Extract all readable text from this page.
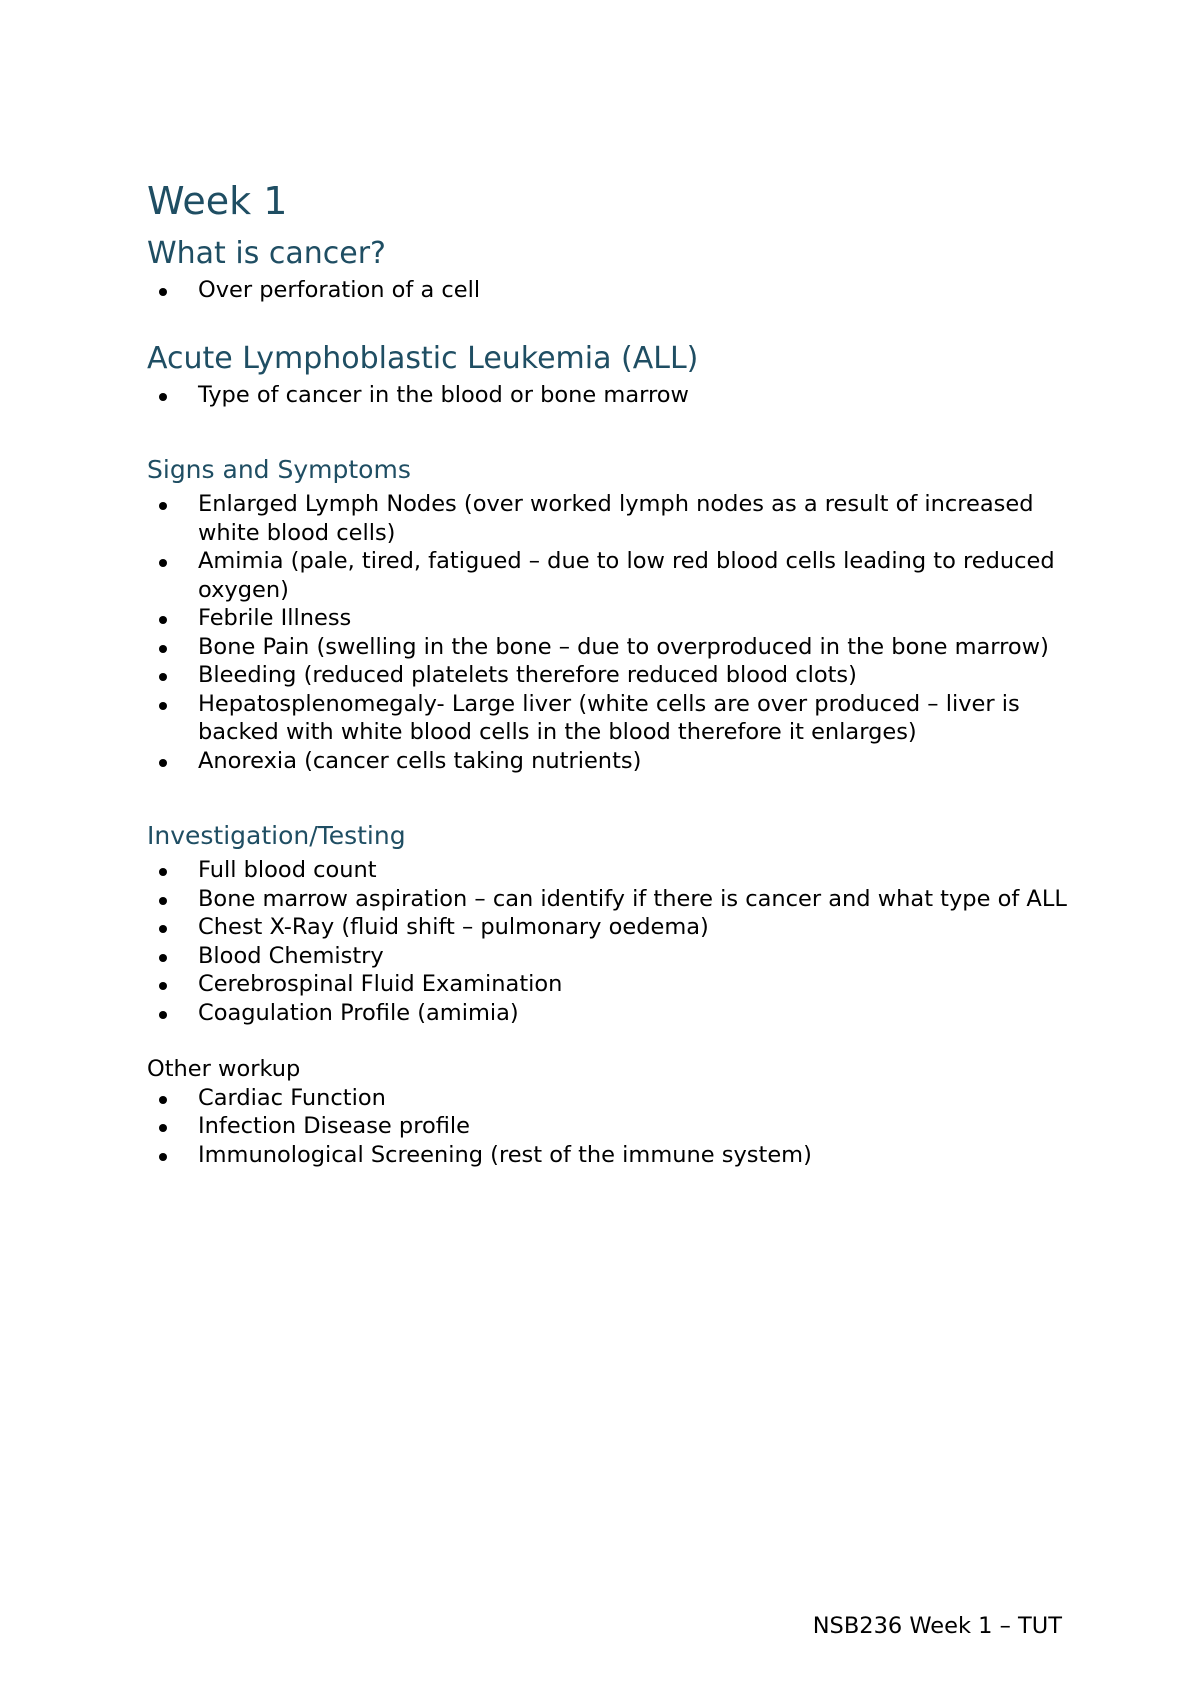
Week 1
What is cancer?
Over perforation of a cell
Acute Lymphoblastic Leukemia (ALL)
Type of cancer in the blood or bone marrow
Signs and Symptoms
Enlarged Lymph Nodes (over worked lymph nodes as a result of increased white blood cells)
Amimia (pale, tired, fatigued – due to low red blood cells leading to reduced oxygen)
Febrile Illness
Bone Pain (swelling in the bone – due to overproduced in the bone marrow)
Bleeding (reduced platelets therefore reduced blood clots)
Hepatosplenomegaly- Large liver (white cells are over produced – liver is backed with white blood cells in the blood therefore it enlarges)
Anorexia (cancer cells taking nutrients)
Investigation/Testing
Full blood count
Bone marrow aspiration – can identify if there is cancer and what type of ALL
Chest X-Ray (fluid shift – pulmonary oedema)
Blood Chemistry
Cerebrospinal Fluid Examination
Coagulation Profile (amimia)

Other workup

Cardiac Function
Infection Disease profile
Immunological Screening (rest of the immune system)
NSB236 Week 1 – TUT
